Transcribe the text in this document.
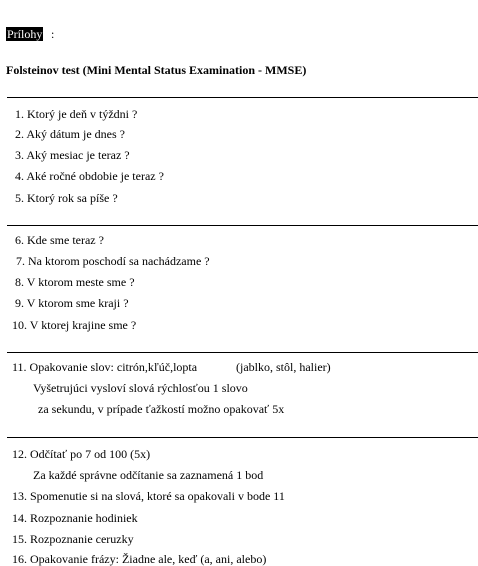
Prílohy :
Folsteinov test (Mini Mental Status Examination - MMSE)
1. Ktorý je deň v týždni ?
2. Aký dátum je dnes ?
3. Aký mesiac je teraz ?
4. Aké ročné obdobie je teraz ?
5. Ktorý rok sa píše ?
6. Kde sme teraz ?
7. Na ktorom poschodí sa nachádzame ?
8. V ktorom meste sme ?
9. V ktorom sme kraji ?
10. V ktorej krajine sme ?
11. Opakovanie slov: citrón,kľúč,lopta	(jablko, stôl, halier)
Vyšetrujúci vysloví slová rýchlosťou 1 slovo
za sekundu, v prípade ťažkostí možno opakovať 5x
12. Odčítať po 7 od 100 (5x)
Za každé správne odčítanie sa zaznamená 1 bod
13. Spomenutie si na slová, ktoré sa opakovali v bode 11
14. Rozpoznanie hodiniek
15. Rozpoznanie ceruzky
16. Opakovanie frázy: Žiadne ale, keď (a, ani, alebo)
